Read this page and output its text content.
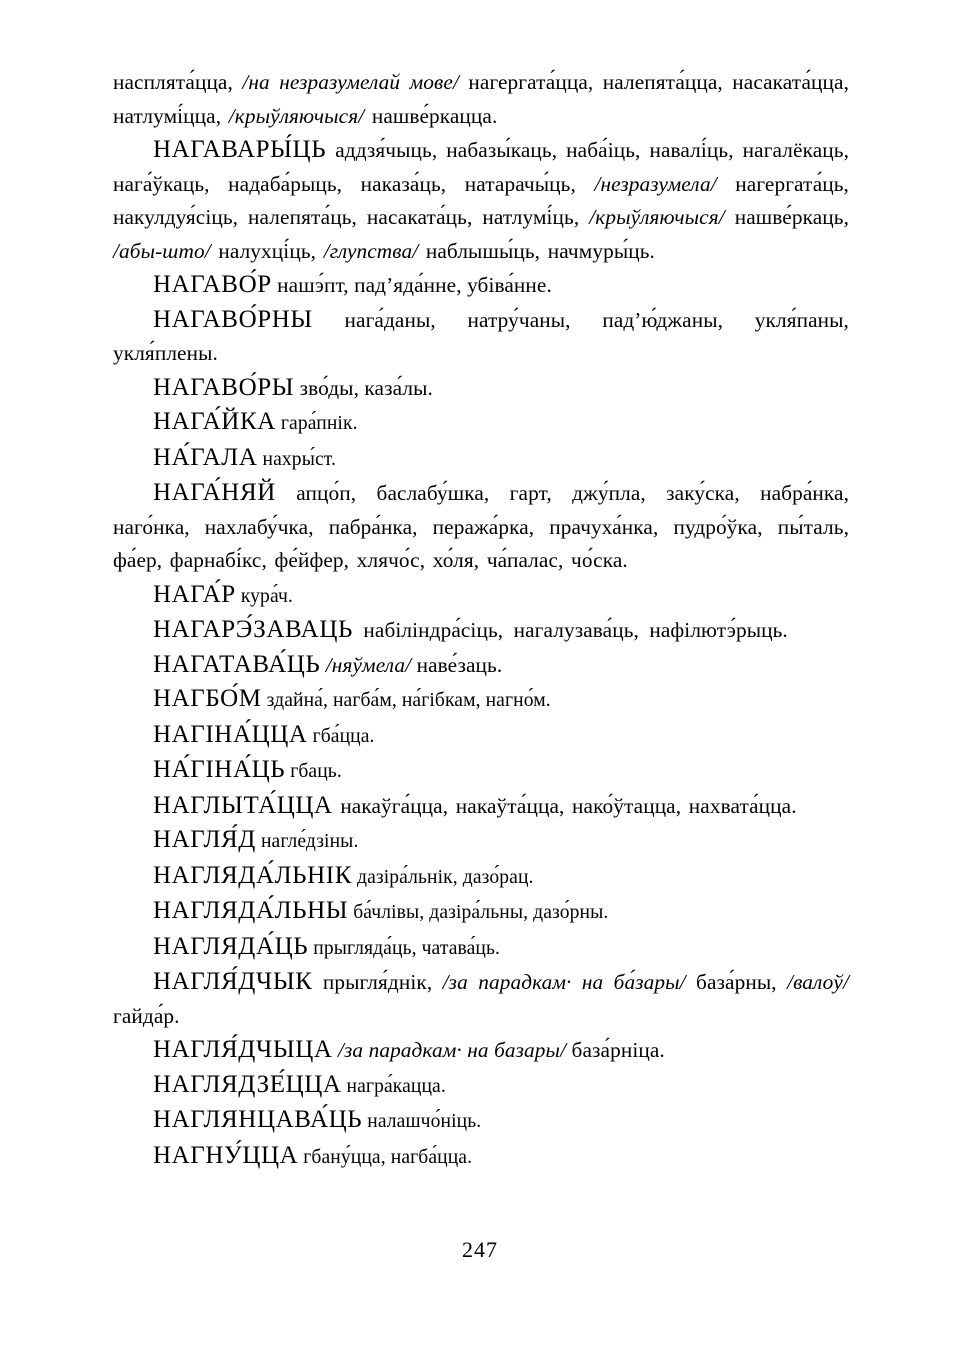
насплята́цца, /на незразумелай мове/ нагергата́цца, налепята́цца, насаката́цца, натлумі́цца, /крыўляючыся/ нашве́ркацца.

НАГАВАРЫ́ЦЬ аддзя́чыць, набазы́каць, наба́іць, навалі́ць, нагалёкаць, нага́ўкаць, надаба́рыць, наказа́ць, натарачы́ць, /незразумела/ нагергата́ць, накулдуя́сіць, налепята́ць, насаката́ць, натлумі́ць, /крыўляючыся/ нашве́ркаць, /абы-што/ налухці́ць, /глупства/ наблышы́ць, начмуры́ць.

НАГАВО́Р нашэ́пт, пад’яда́нне, убіва́нне.

НАГАВО́РНЫ нага́даны, натру́чаны, пад’ю́джаны, укля́паны, укля́плены.

НАГАВО́РЫ зво́ды, каза́лы.

НАГА́ЙКА гара́пнік.

НА́ГАЛА нахры́ст.

НАГА́НЯЙ апцо́п, баслабу́шка, гарт, джу́пла, заку́ска, набра́нка, наго́нка, нахлабу́чка, пабра́нка, пеража́рка, прачуха́нка, пудро́ўка, пы́таль, фа́ер, фарнабі́кс, фе́йфер, хлячо́с, хо́ля, ча́палас, чо́ска.

НАГА́Р кура́ч.

НАГАРЭ́ЗАВАЦЬ набіліндра́сіць, нагалузава́ць, нафілютэ́рыць.

НАГАТАВА́ЦЬ /няўмела/ наве́заць.

НАГБО́М здайна́, нагба́м, на́гібкам, нагно́м.

НАГІНА́ЦЦА гба́цца.

НА́ГІНА́ЦЬ гбаць.

НАГЛЫТА́ЦЦА накаўга́цца, накаўта́цца, нако́ўтацца, нахвата́цца.

НАГЛЯ́Д нагле́дзіны.

НАГЛЯДА́ЛЬНІК дазіра́льнік, дазо́рац.

НАГЛЯДА́ЛЬНЫ ба́члівы, дазіра́льны, дазо́рны.

НАГЛЯДА́ЦЬ прыгляда́ць, чатава́ць.

НАГЛЯ́ДЧЫК прыгля́днік, /за парадкам· на ба́зары/ база́рны, /валоў/ гайда́р.

НАГЛЯ́ДЧЫЦА /за парадкам· на базары/ база́рніца.

НАГЛЯДЗЕ́ЦЦА награ́кацца.

НАГЛЯНЦАВА́ЦЬ налашчо́ніць.

НАГНУ́ЦЦА гбану́цца, нагба́цца.

247
